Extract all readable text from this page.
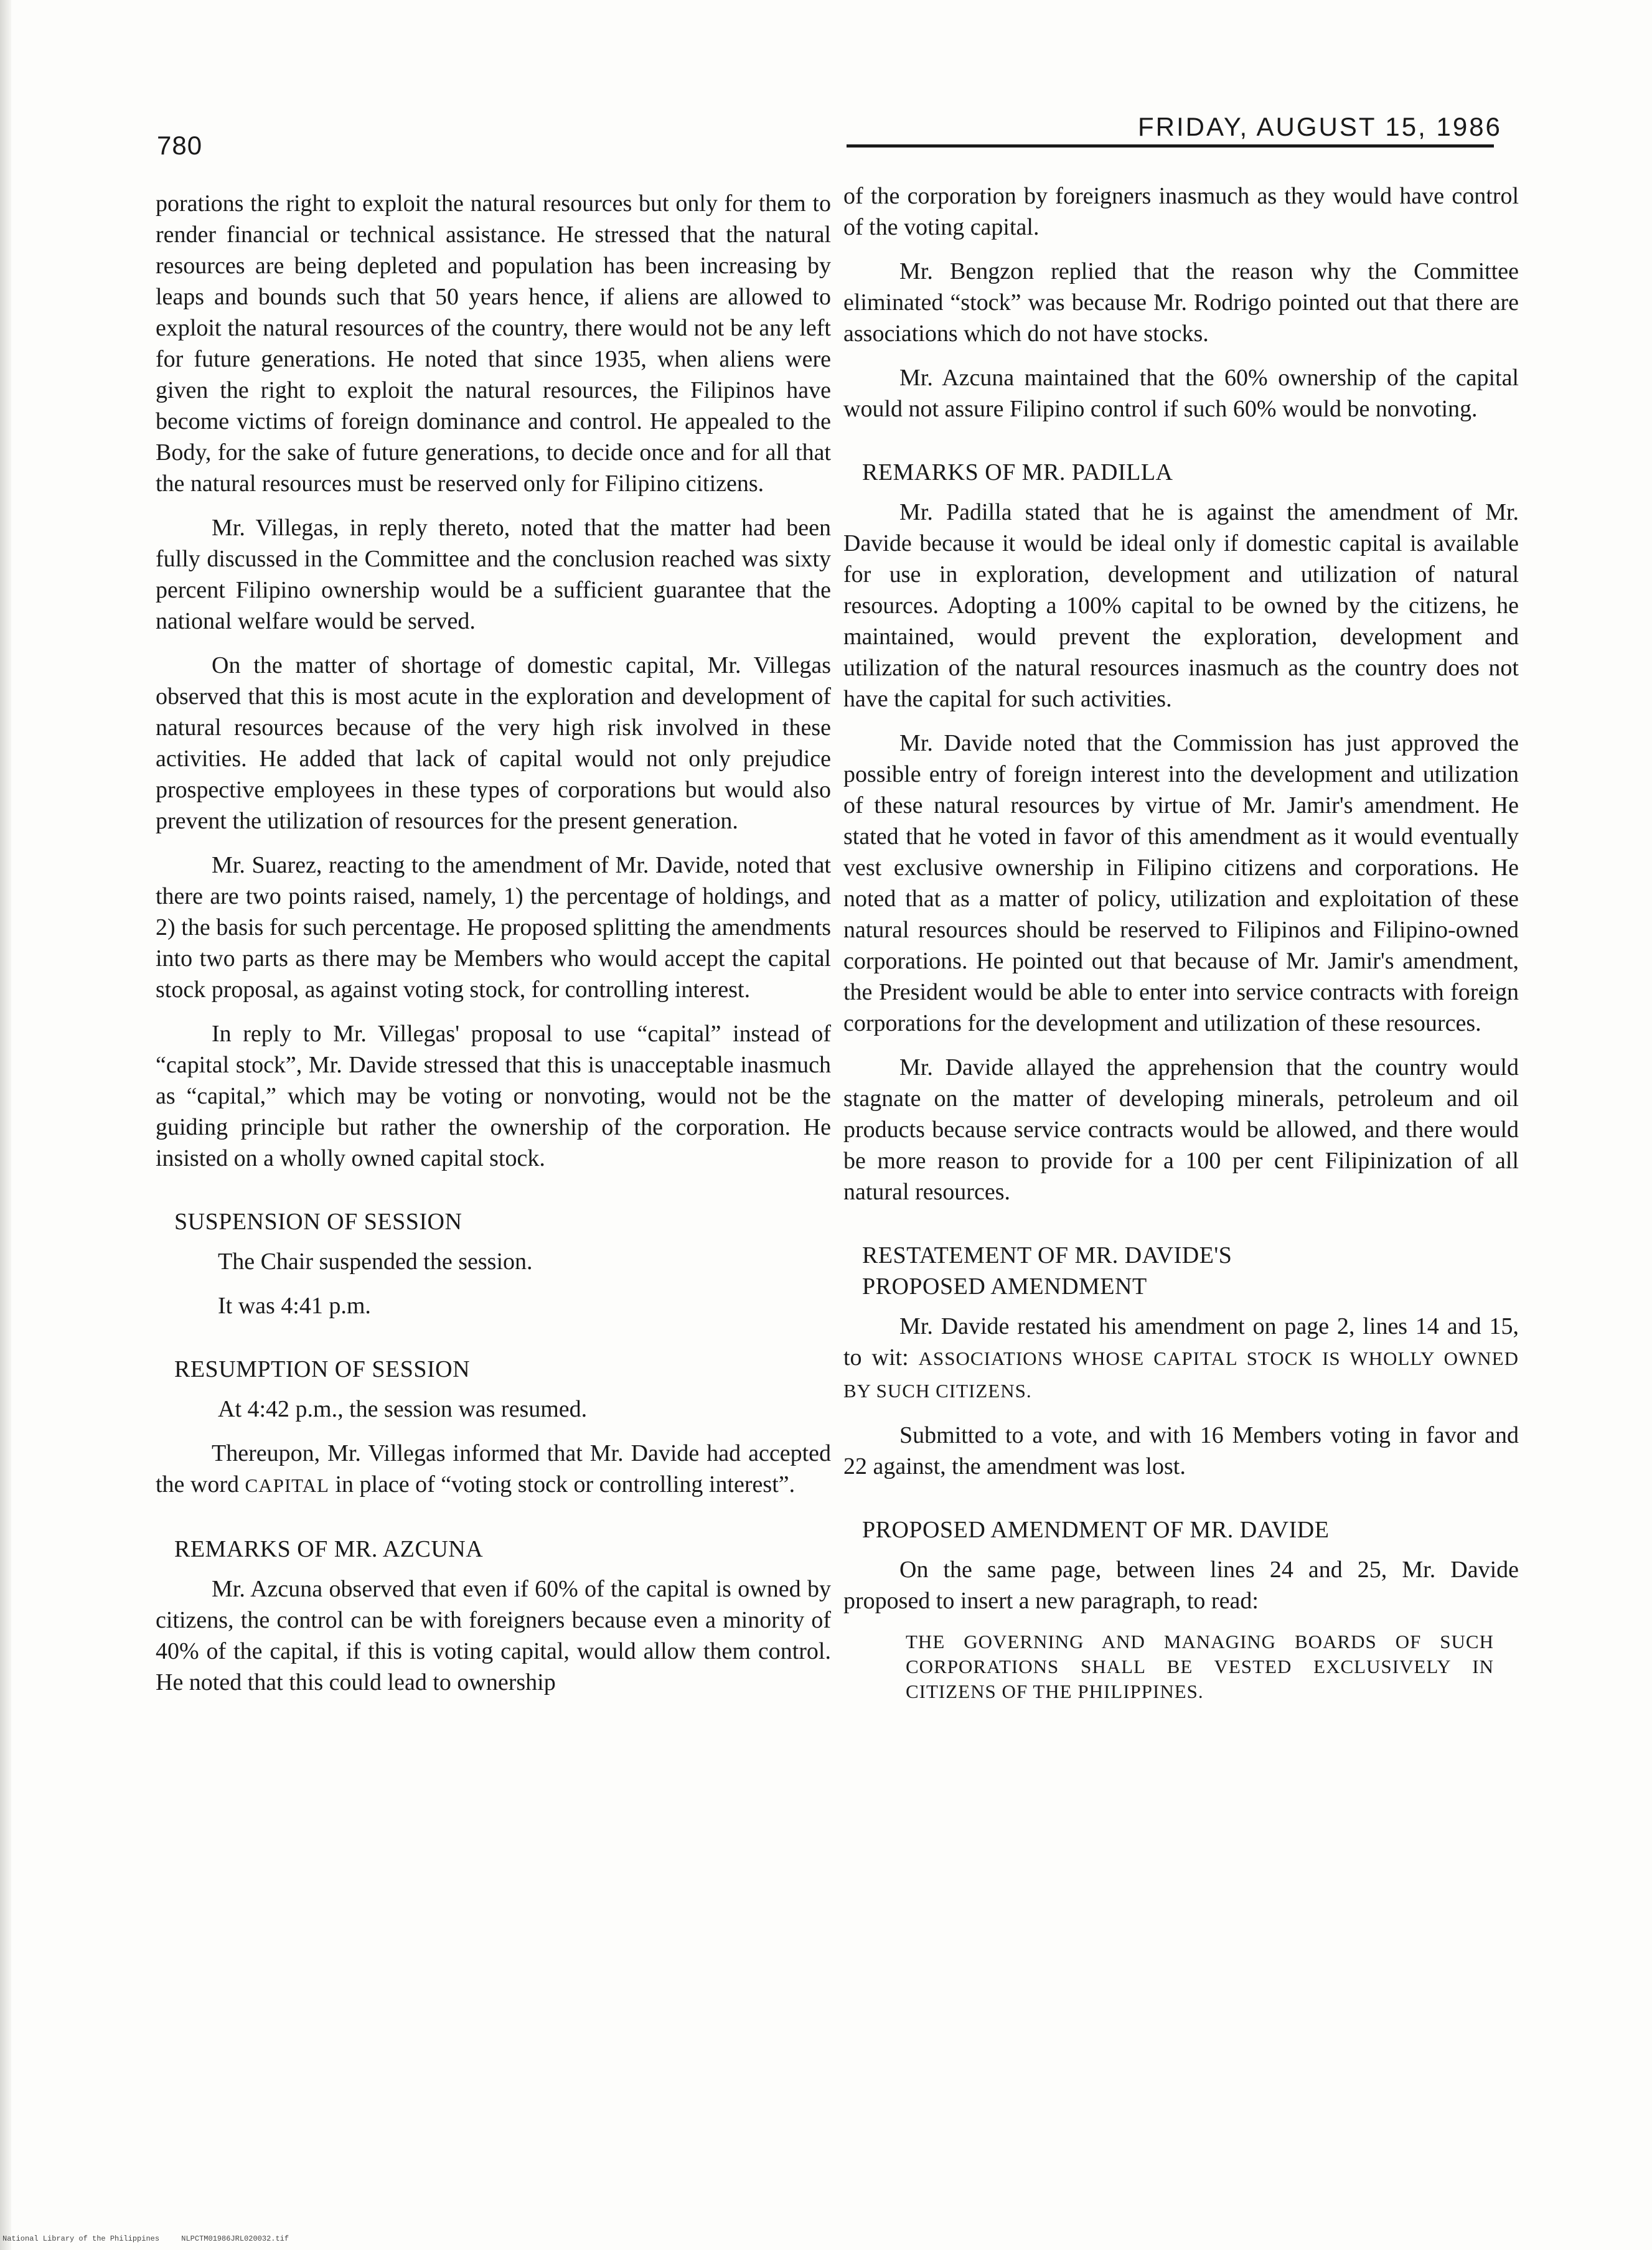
780
FRIDAY, AUGUST 15, 1986

porations the right to exploit the natural resources but only for them to render financial or technical assistance. He stressed that the natural resources are being depleted and population has been increasing by leaps and bounds such that 50 years hence, if aliens are allowed to exploit the natural resources of the country, there would not be any left for future generations. He noted that since 1935, when aliens were given the right to exploit the natural resources, the Filipinos have become victims of foreign dominance and control. He appealed to the Body, for the sake of future generations, to decide once and for all that the natural resources must be reserved only for Filipino citizens.

Mr. Villegas, in reply thereto, noted that the matter had been fully discussed in the Committee and the conclusion reached was sixty percent Filipino ownership would be a sufficient guarantee that the national welfare would be served.

On the matter of shortage of domestic capital, Mr. Villegas observed that this is most acute in the exploration and development of natural resources because of the very high risk involved in these activities. He added that lack of capital would not only prejudice prospective employees in these types of corporations but would also prevent the utilization of resources for the present generation.

Mr. Suarez, reacting to the amendment of Mr. Davide, noted that there are two points raised, namely, 1) the percentage of holdings, and 2) the basis for such percentage. He proposed splitting the amendments into two parts as there may be Members who would accept the capital stock proposal, as against voting stock, for controlling interest.

In reply to Mr. Villegas' proposal to use “capital” instead of “capital stock”, Mr. Davide stressed that this is unacceptable inasmuch as “capital,” which may be voting or nonvoting, would not be the guiding principle but rather the ownership of the corporation. He insisted on a wholly owned capital stock.

SUSPENSION OF SESSION

The Chair suspended the session.

It was 4:41 p.m.

RESUMPTION OF SESSION

At 4:42 p.m., the session was resumed.

Thereupon, Mr. Villegas informed that Mr. Davide had accepted the word CAPITAL in place of “voting stock or controlling interest”.

REMARKS OF MR. AZCUNA

Mr. Azcuna observed that even if 60% of the capital is owned by citizens, the control can be with foreigners because even a minority of 40% of the capital, if this is voting capital, would allow them control. He noted that this could lead to ownership

of the corporation by foreigners inasmuch as they would have control of the voting capital.

Mr. Bengzon replied that the reason why the Committee eliminated “stock” was because Mr. Rodrigo pointed out that there are associations which do not have stocks.

Mr. Azcuna maintained that the 60% ownership of the capital would not assure Filipino control if such 60% would be nonvoting.

REMARKS OF MR. PADILLA

Mr. Padilla stated that he is against the amendment of Mr. Davide because it would be ideal only if domestic capital is available for use in exploration, development and utilization of natural resources. Adopting a 100% capital to be owned by the citizens, he maintained, would prevent the exploration, development and utilization of the natural resources inasmuch as the country does not have the capital for such activities.

Mr. Davide noted that the Commission has just approved the possible entry of foreign interest into the development and utilization of these natural resources by virtue of Mr. Jamir's amendment. He stated that he voted in favor of this amendment as it would eventually vest exclusive ownership in Filipino citizens and corporations. He noted that as a matter of policy, utilization and exploitation of these natural resources should be reserved to Filipinos and Filipino-owned corporations. He pointed out that because of Mr. Jamir's amendment, the President would be able to enter into service contracts with foreign corporations for the development and utilization of these resources.

Mr. Davide allayed the apprehension that the country would stagnate on the matter of developing minerals, petroleum and oil products because service contracts would be allowed, and there would be more reason to provide for a 100 per cent Filipinization of all natural resources.

RESTATEMENT OF MR. DAVIDE'S
PROPOSED AMENDMENT

Mr. Davide restated his amendment on page 2, lines 14 and 15, to wit: ASSOCIATIONS WHOSE CAPITAL STOCK IS WHOLLY OWNED BY SUCH CITIZENS.

Submitted to a vote, and with 16 Members voting in favor and 22 against, the amendment was lost.

PROPOSED AMENDMENT OF MR. DAVIDE

On the same page, between lines 24 and 25, Mr. Davide proposed to insert a new paragraph, to read:

THE GOVERNING AND MANAGING BOARDS OF SUCH CORPORATIONS SHALL BE VESTED EXCLUSIVELY IN CITIZENS OF THE PHILIPPINES.
National Library of the Philippines	NLPCTM01986JRL020032.tif
